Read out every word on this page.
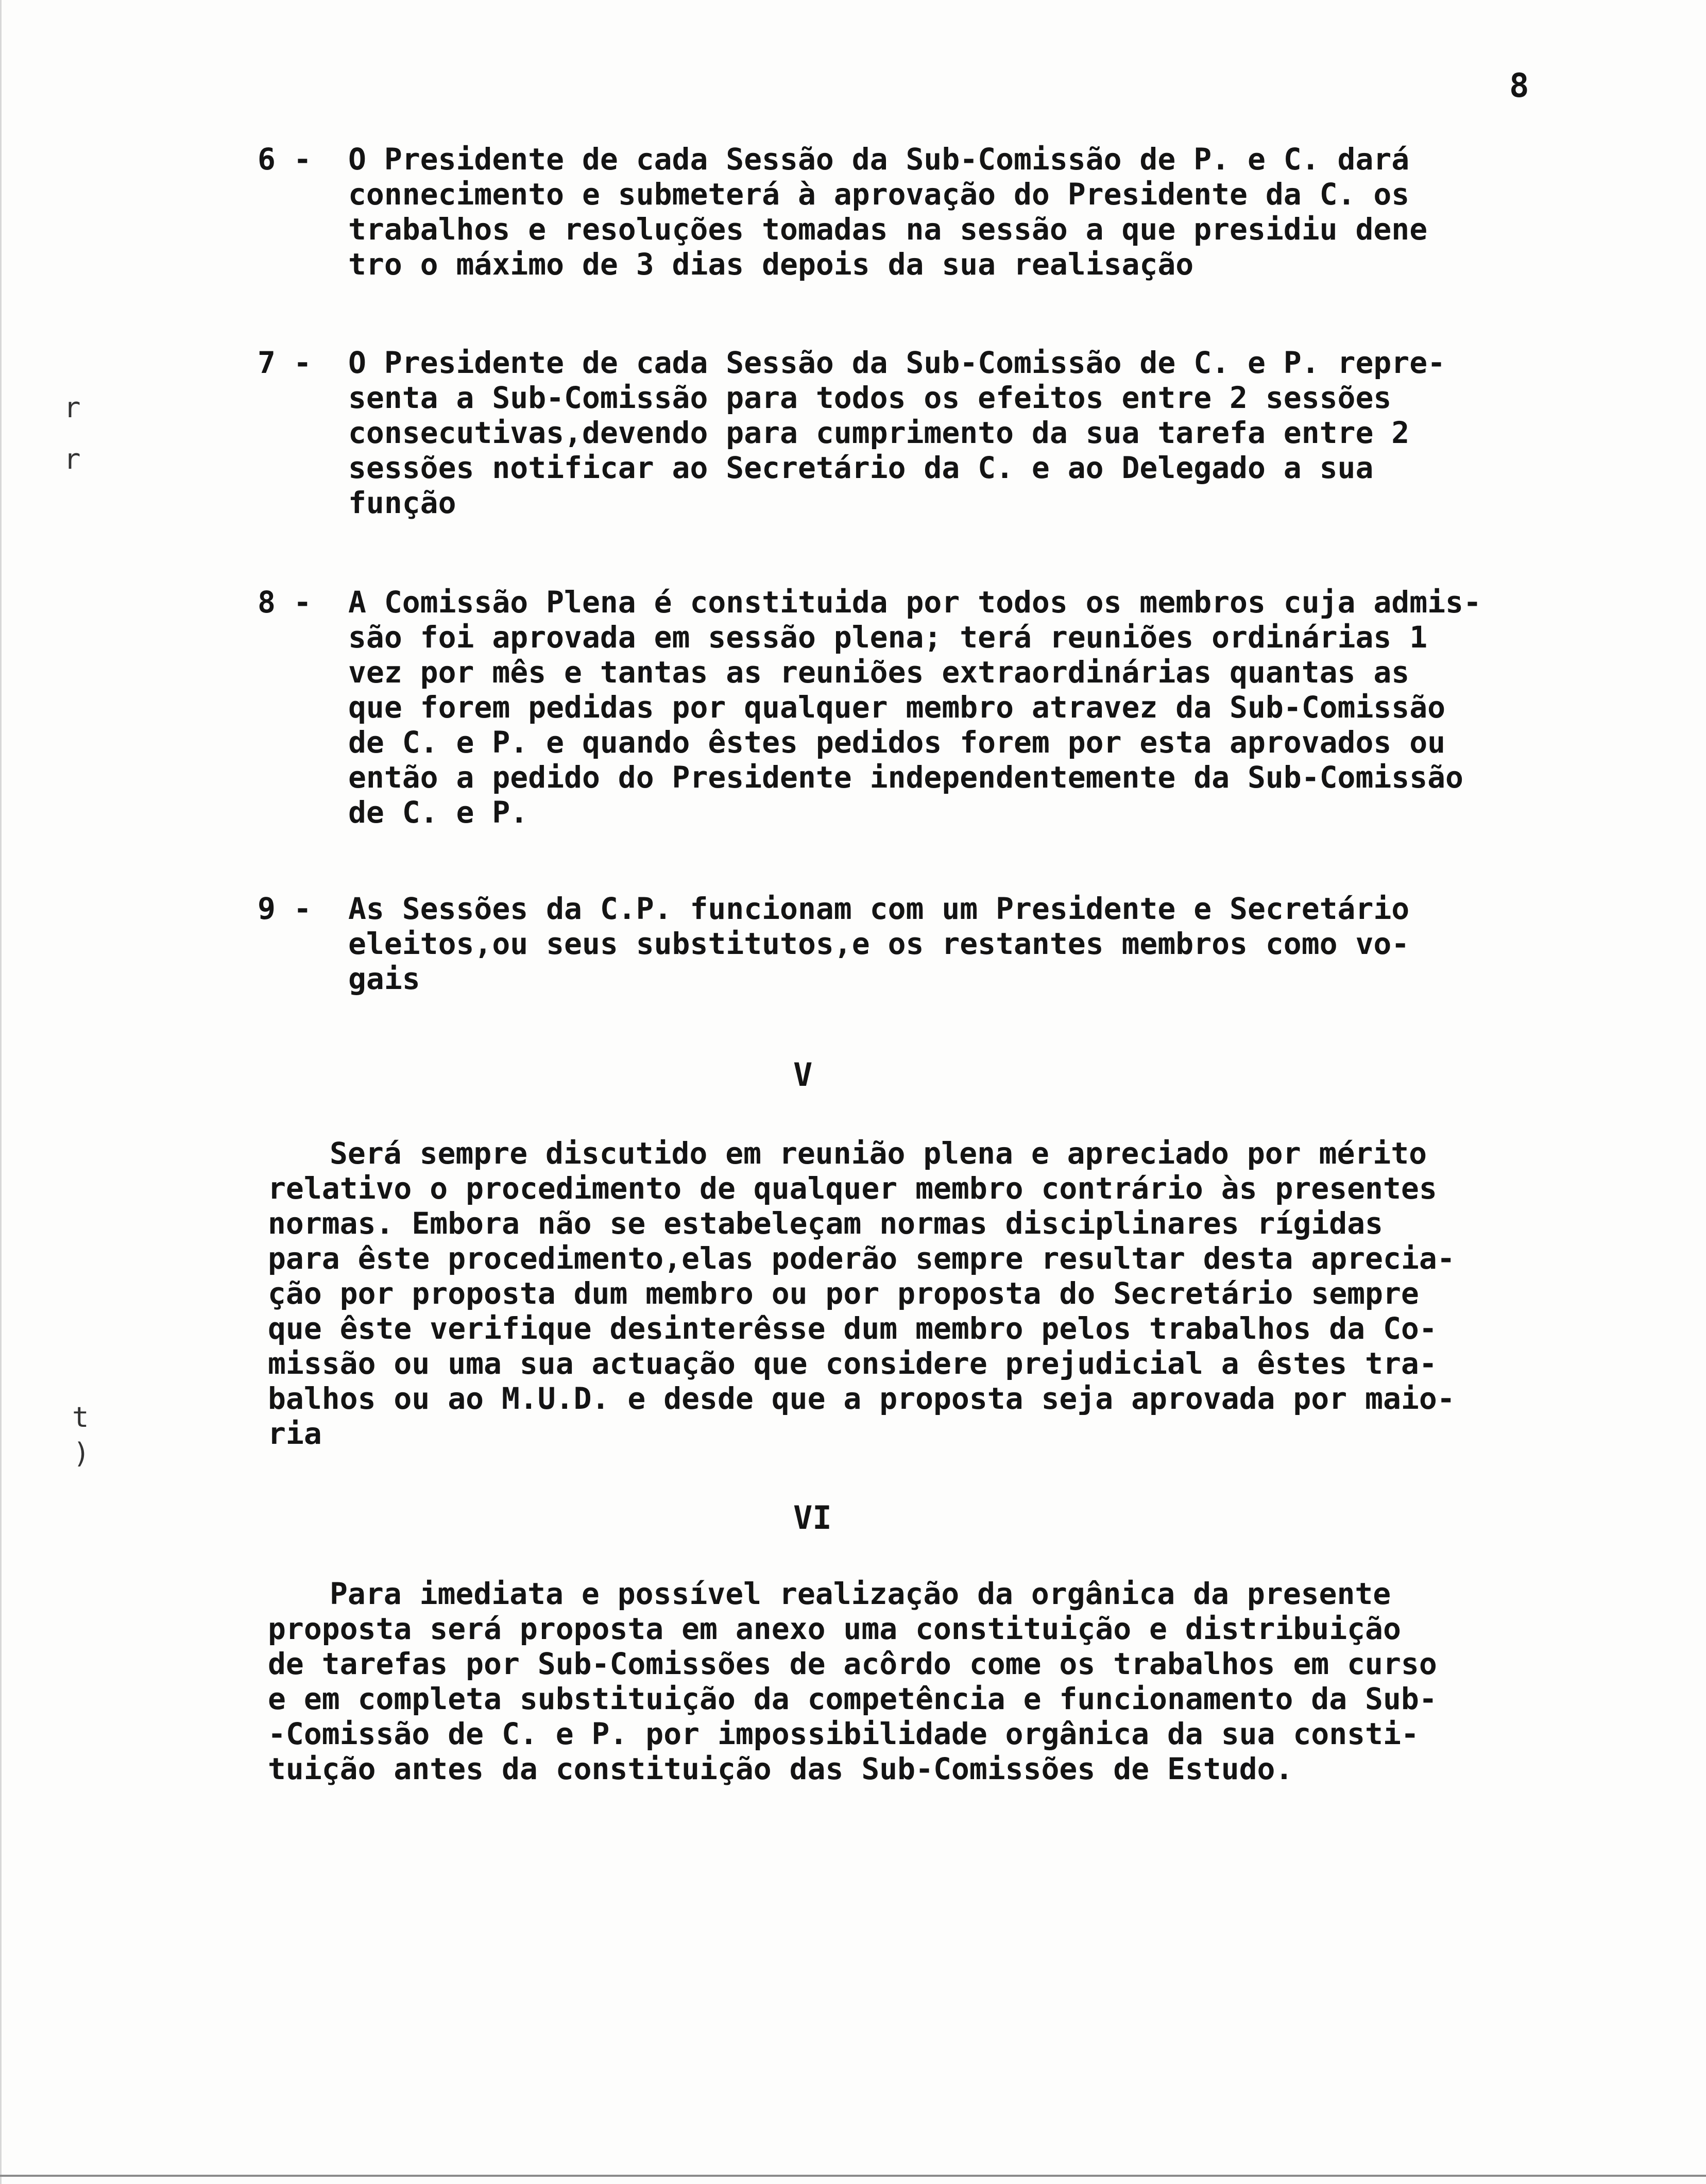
8
r
r
t
)
6 - O Presidente de cada Sessão da Sub-Comissão de P. e C. dará
connecimento e submeterá à aprovação do Presidente da C. os
trabalhos e resoluções tomadas na sessão a que presidiu dene
tro o máximo de 3 dias depois da sua realisação
7 - O Presidente de cada Sessão da Sub-Comissão de C. e P. repre-
senta a Sub-Comissão para todos os efeitos entre 2 sessões
consecutivas,devendo para cumprimento da sua tarefa entre 2
sessões notificar ao Secretário da C. e ao Delegado a sua
função
8 - A Comissão Plena é constituida por todos os membros cuja admis-
são foi aprovada em sessão plena; terá reuniões ordinárias 1
vez por mês e tantas as reuniões extraordinárias quantas as
que forem pedidas por qualquer membro atravez da Sub-Comissão
de C. e P. e quando êstes pedidos forem por esta aprovados ou
então a pedido do Presidente independentemente da Sub-Comissão
de C. e P.
9 - As Sessões da C.P. funcionam com um Presidente e Secretário
eleitos,ou seus substitutos,e os restantes membros como vo-
gais
V
Será sempre discutido em reunião plena e apreciado por mérito
relativo o procedimento de qualquer membro contrário às presentes
normas. Embora não se estabeleçam normas disciplinares rígidas
para êste procedimento,elas poderão sempre resultar desta aprecia-
ção por proposta dum membro ou por proposta do Secretário sempre
que êste verifique desinterêsse dum membro pelos trabalhos da Co-
missão ou uma sua actuação que considere prejudicial a êstes tra-
balhos ou ao M.U.D. e desde que a proposta seja aprovada por maio-
ria
VI
Para imediata e possível realização da orgânica da presente
proposta será proposta em anexo uma constituição e distribuição
de tarefas por Sub-Comissões de acôrdo come os trabalhos em curso
e em completa substituição da competência e funcionamento da Sub-
-Comissão de C. e P. por impossibilidade orgânica da sua consti-
tuição antes da constituição das Sub-Comissões de Estudo.
